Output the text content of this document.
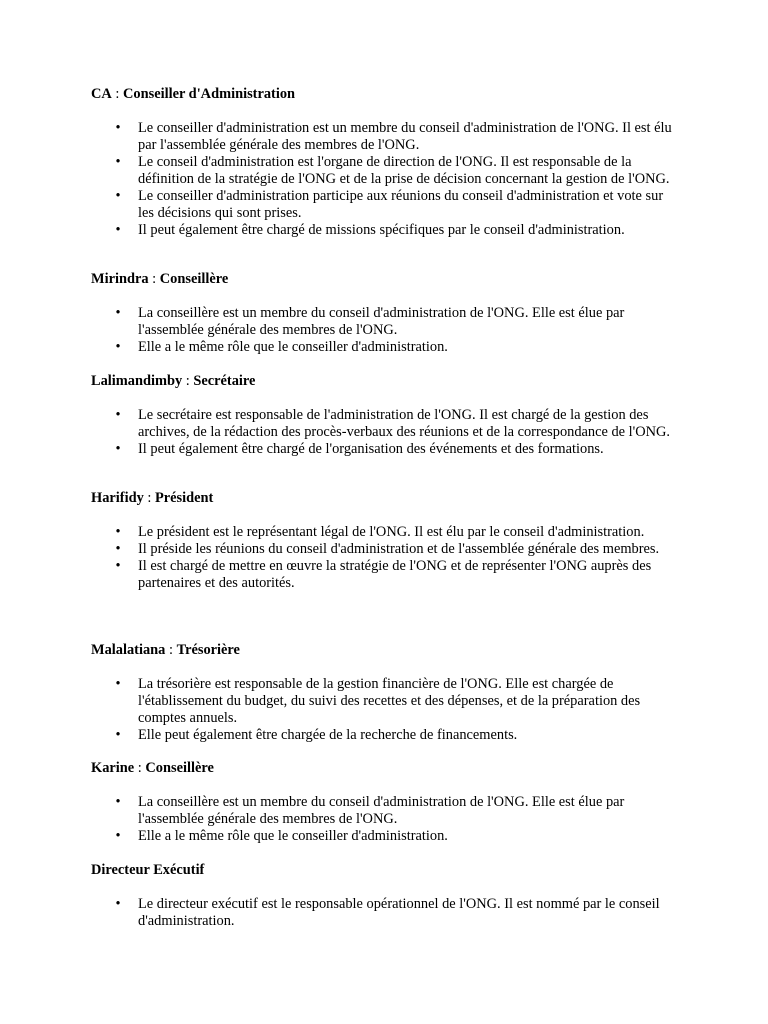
CA : Conseiller d'Administration

• Le conseiller d'administration est un membre du conseil d'administration de l'ONG. Il est élu par l'assemblée générale des membres de l'ONG.
• Le conseil d'administration est l'organe de direction de l'ONG. Il est responsable de la définition de la stratégie de l'ONG et de la prise de décision concernant la gestion de l'ONG.
• Le conseiller d'administration participe aux réunions du conseil d'administration et vote sur les décisions qui sont prises.
• Il peut également être chargé de missions spécifiques par le conseil d'administration.

Mirindra : Conseillère

• La conseillère est un membre du conseil d'administration de l'ONG. Elle est élue par l'assemblée générale des membres de l'ONG.
• Elle a le même rôle que le conseiller d'administration.

Lalimandimby : Secrétaire

• Le secrétaire est responsable de l'administration de l'ONG. Il est chargé de la gestion des archives, de la rédaction des procès-verbaux des réunions et de la correspondance de l'ONG.
• Il peut également être chargé de l'organisation des événements et des formations.

Harifidy : Président

• Le président est le représentant légal de l'ONG. Il est élu par le conseil d'administration.
• Il préside les réunions du conseil d'administration et de l'assemblée générale des membres.
• Il est chargé de mettre en œuvre la stratégie de l'ONG et de représenter l'ONG auprès des partenaires et des autorités.

Malalatiana : Trésorière

• La trésorière est responsable de la gestion financière de l'ONG. Elle est chargée de l'établissement du budget, du suivi des recettes et des dépenses, et de la préparation des comptes annuels.
• Elle peut également être chargée de la recherche de financements.

Karine : Conseillère

• La conseillère est un membre du conseil d'administration de l'ONG. Elle est élue par l'assemblée générale des membres de l'ONG.
• Elle a le même rôle que le conseiller d'administration.

Directeur Exécutif

• Le directeur exécutif est le responsable opérationnel de l'ONG. Il est nommé par le conseil d'administration.
